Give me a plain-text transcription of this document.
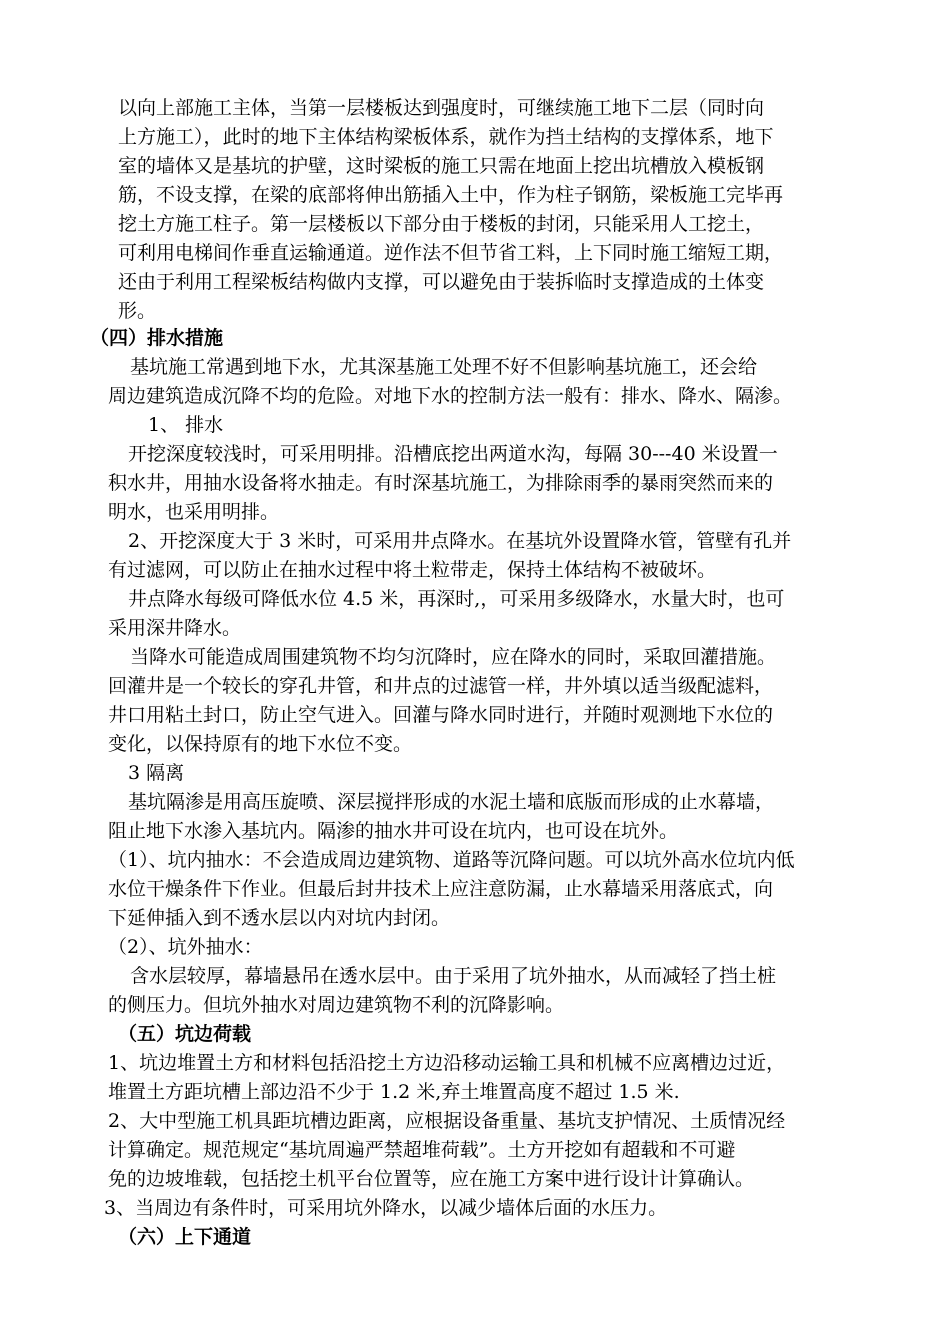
以向上部施工主体，当第一层楼板达到强度时，可继续施工地下二层（同时向
上方施工），此时的地下主体结构梁板体系，就作为挡土结构的支撑体系，地下
室的墙体又是基坑的护壁，这时梁板的施工只需在地面上挖出坑槽放入模板钢
筋，不设支撑，在梁的底部将伸出筋插入土中，作为柱子钢筋，梁板施工完毕再
挖土方施工柱子。第一层楼板以下部分由于楼板的封闭，只能采用人工挖土，
可利用电梯间作垂直运输通道。逆作法不但节省工料，上下同时施工缩短工期，
还由于利用工程梁板结构做内支撑，可以避免由于装拆临时支撑造成的土体变
形。
（四）排水措施
基坑施工常遇到地下水，尤其深基施工处理不好不但影响基坑施工，还会给
周边建筑造成沉降不均的危险。对地下水的控制方法一般有：排水、降水、隔渗。
1、 排水
开挖深度较浅时，可采用明排。沿槽底挖出两道水沟，每隔 30---40 米设置一
积水井，用抽水设备将水抽走。有时深基坑施工，为排除雨季的暴雨突然而来的
明水，也采用明排。
2、开挖深度大于 3 米时，可采用井点降水。在基坑外设置降水管，管壁有孔并
有过滤网，可以防止在抽水过程中将土粒带走，保持土体结构不被破坏。
井点降水每级可降低水位 4.5 米，再深时,，可采用多级降水，水量大时，也可
采用深井降水。
当降水可能造成周围建筑物不均匀沉降时，应在降水的同时，采取回灌措施。
回灌井是一个较长的穿孔井管，和井点的过滤管一样，井外填以适当级配滤料，
井口用粘土封口，防止空气进入。回灌与降水同时进行，并随时观测地下水位的
变化，以保持原有的地下水位不变。
3 隔离
基坑隔渗是用高压旋喷、深层搅拌形成的水泥土墙和底版而形成的止水幕墙，
阻止地下水渗入基坑内。隔渗的抽水井可设在坑内，也可设在坑外。
（1）、坑内抽水：不会造成周边建筑物、道路等沉降问题。可以坑外高水位坑内低
水位干燥条件下作业。但最后封井技术上应注意防漏，止水幕墙采用落底式，向
下延伸插入到不透水层以内对坑内封闭。
（2）、坑外抽水：
含水层较厚，幕墙悬吊在透水层中。由于采用了坑外抽水，从而减轻了挡土桩
的侧压力。但坑外抽水对周边建筑物不利的沉降影响。
（五）坑边荷载
1、坑边堆置土方和材料包括沿挖土方边沿移动运输工具和机械不应离槽边过近，
堆置土方距坑槽上部边沿不少于 1.2 米,弃土堆置高度不超过 1.5 米.
2、大中型施工机具距坑槽边距离，应根据设备重量、基坑支护情况、土质情况经
计算确定。规范规定“基坑周遍严禁超堆荷载”。土方开挖如有超载和不可避
免的边坡堆载，包括挖土机平台位置等，应在施工方案中进行设计计算确认。
3、当周边有条件时，可采用坑外降水，以减少墙体后面的水压力。
（六）上下通道
